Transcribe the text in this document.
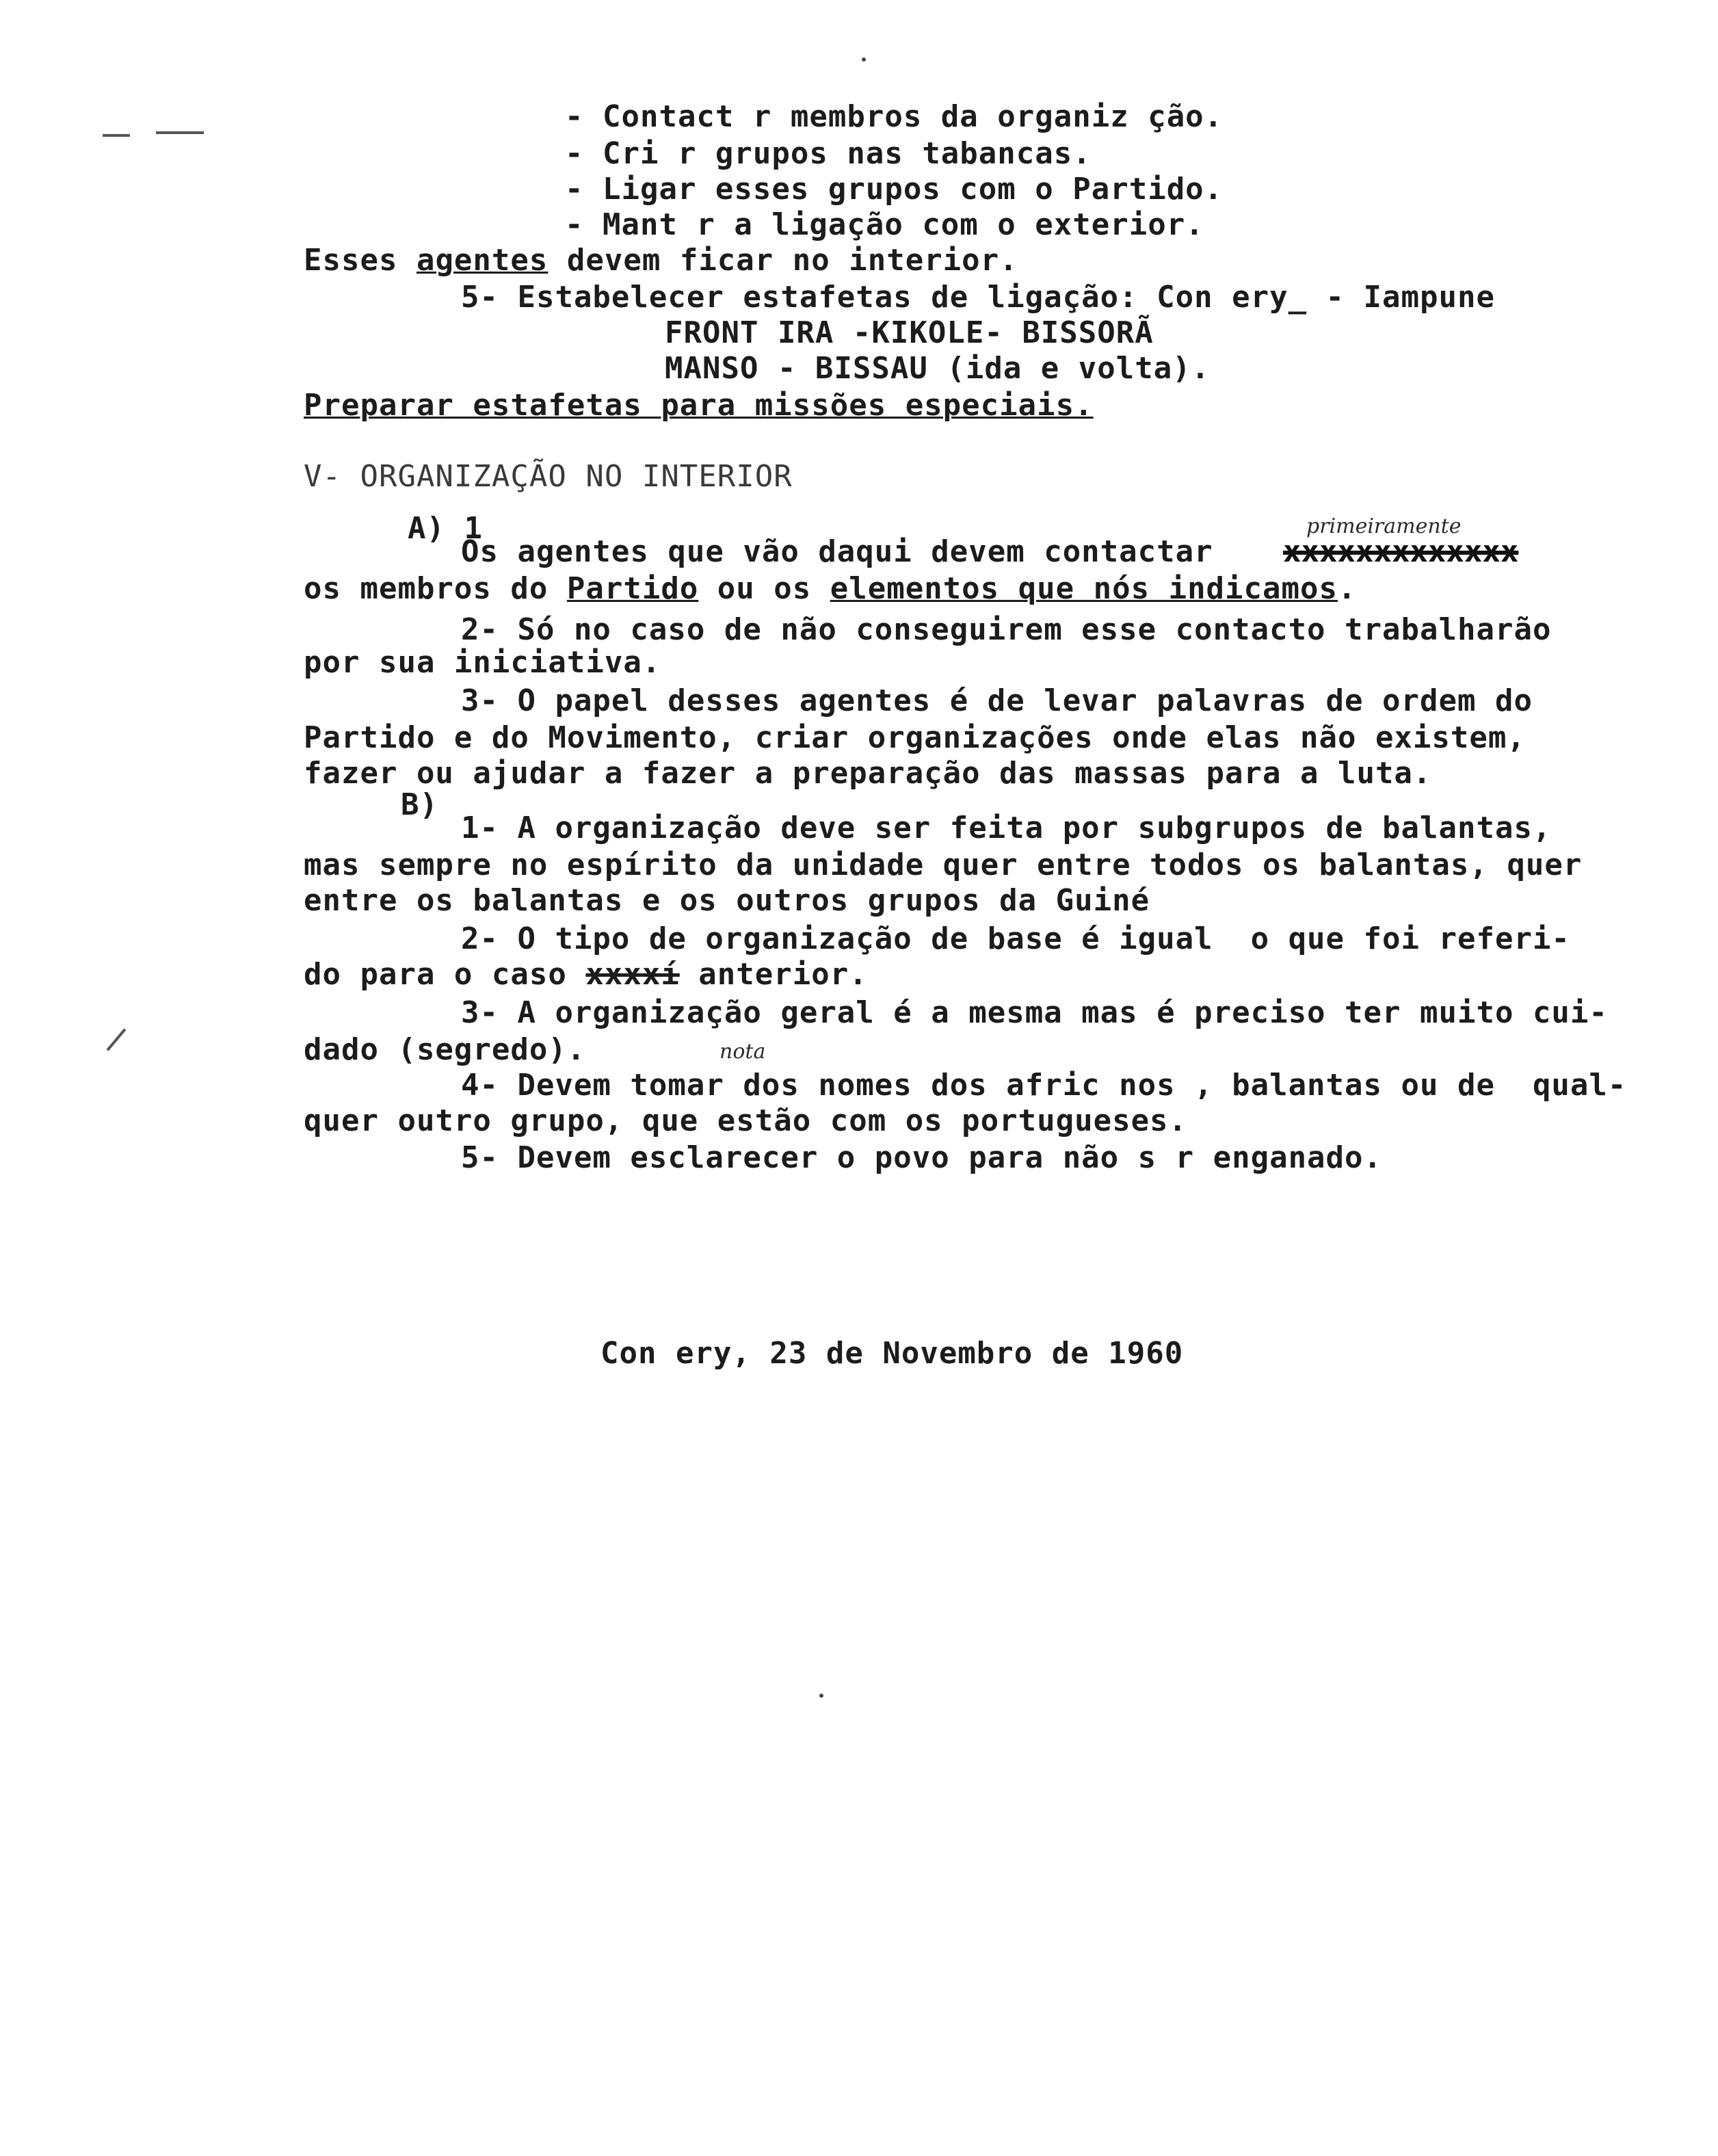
- Contact r membros da organiz ção.
- Cri r grupos nas tabancas.
- Ligar esses grupos com o Partido.
- Mant r a ligação com o exterior.
Esses agentes devem ficar no interior.
5- Estabelecer estafetas de ligação: Con ery_ - Iampune
FRONT IRA -KIKOLE- BISSORÃ
MANSO - BISSAU (ida e volta).
Preparar estafetas para missões especiais.
V- ORGANIZAÇÃO NO INTERIOR
A) 1	primeiramente
Os agentes que vão daqui devem contactar xxxxxxxxxxxxx
os membros do Partido ou os elementos que nós indicamos.
2- Só no caso de não conseguirem esse contacto trabalharão
por sua iniciativa.
3- O papel desses agentes é de levar palavras de ordem do
Partido e do Movimento, criar organizações onde elas não existem,
fazer ou ajudar a fazer a preparação das massas para a luta.
B)
1- A organização deve ser feita por subgrupos de balantas,
mas sempre no espírito da unidade quer entre todos os balantas, quer
entre os balantas e os outros grupos da Guiné
2- O tipo de organização de base é igual  o que foi referi-
do para o caso xxxxí anterior.
3- A organização geral é a mesma mas é preciso ter muito cui-
dado (segredo).	nota
4- Devem tomar dos nomes dos afric nos , balantas ou de  qual-
quer outro grupo, que estão com os portugueses.
5- Devem esclarecer o povo para não s r enganado.
Con ery, 23 de Novembro de 1960
